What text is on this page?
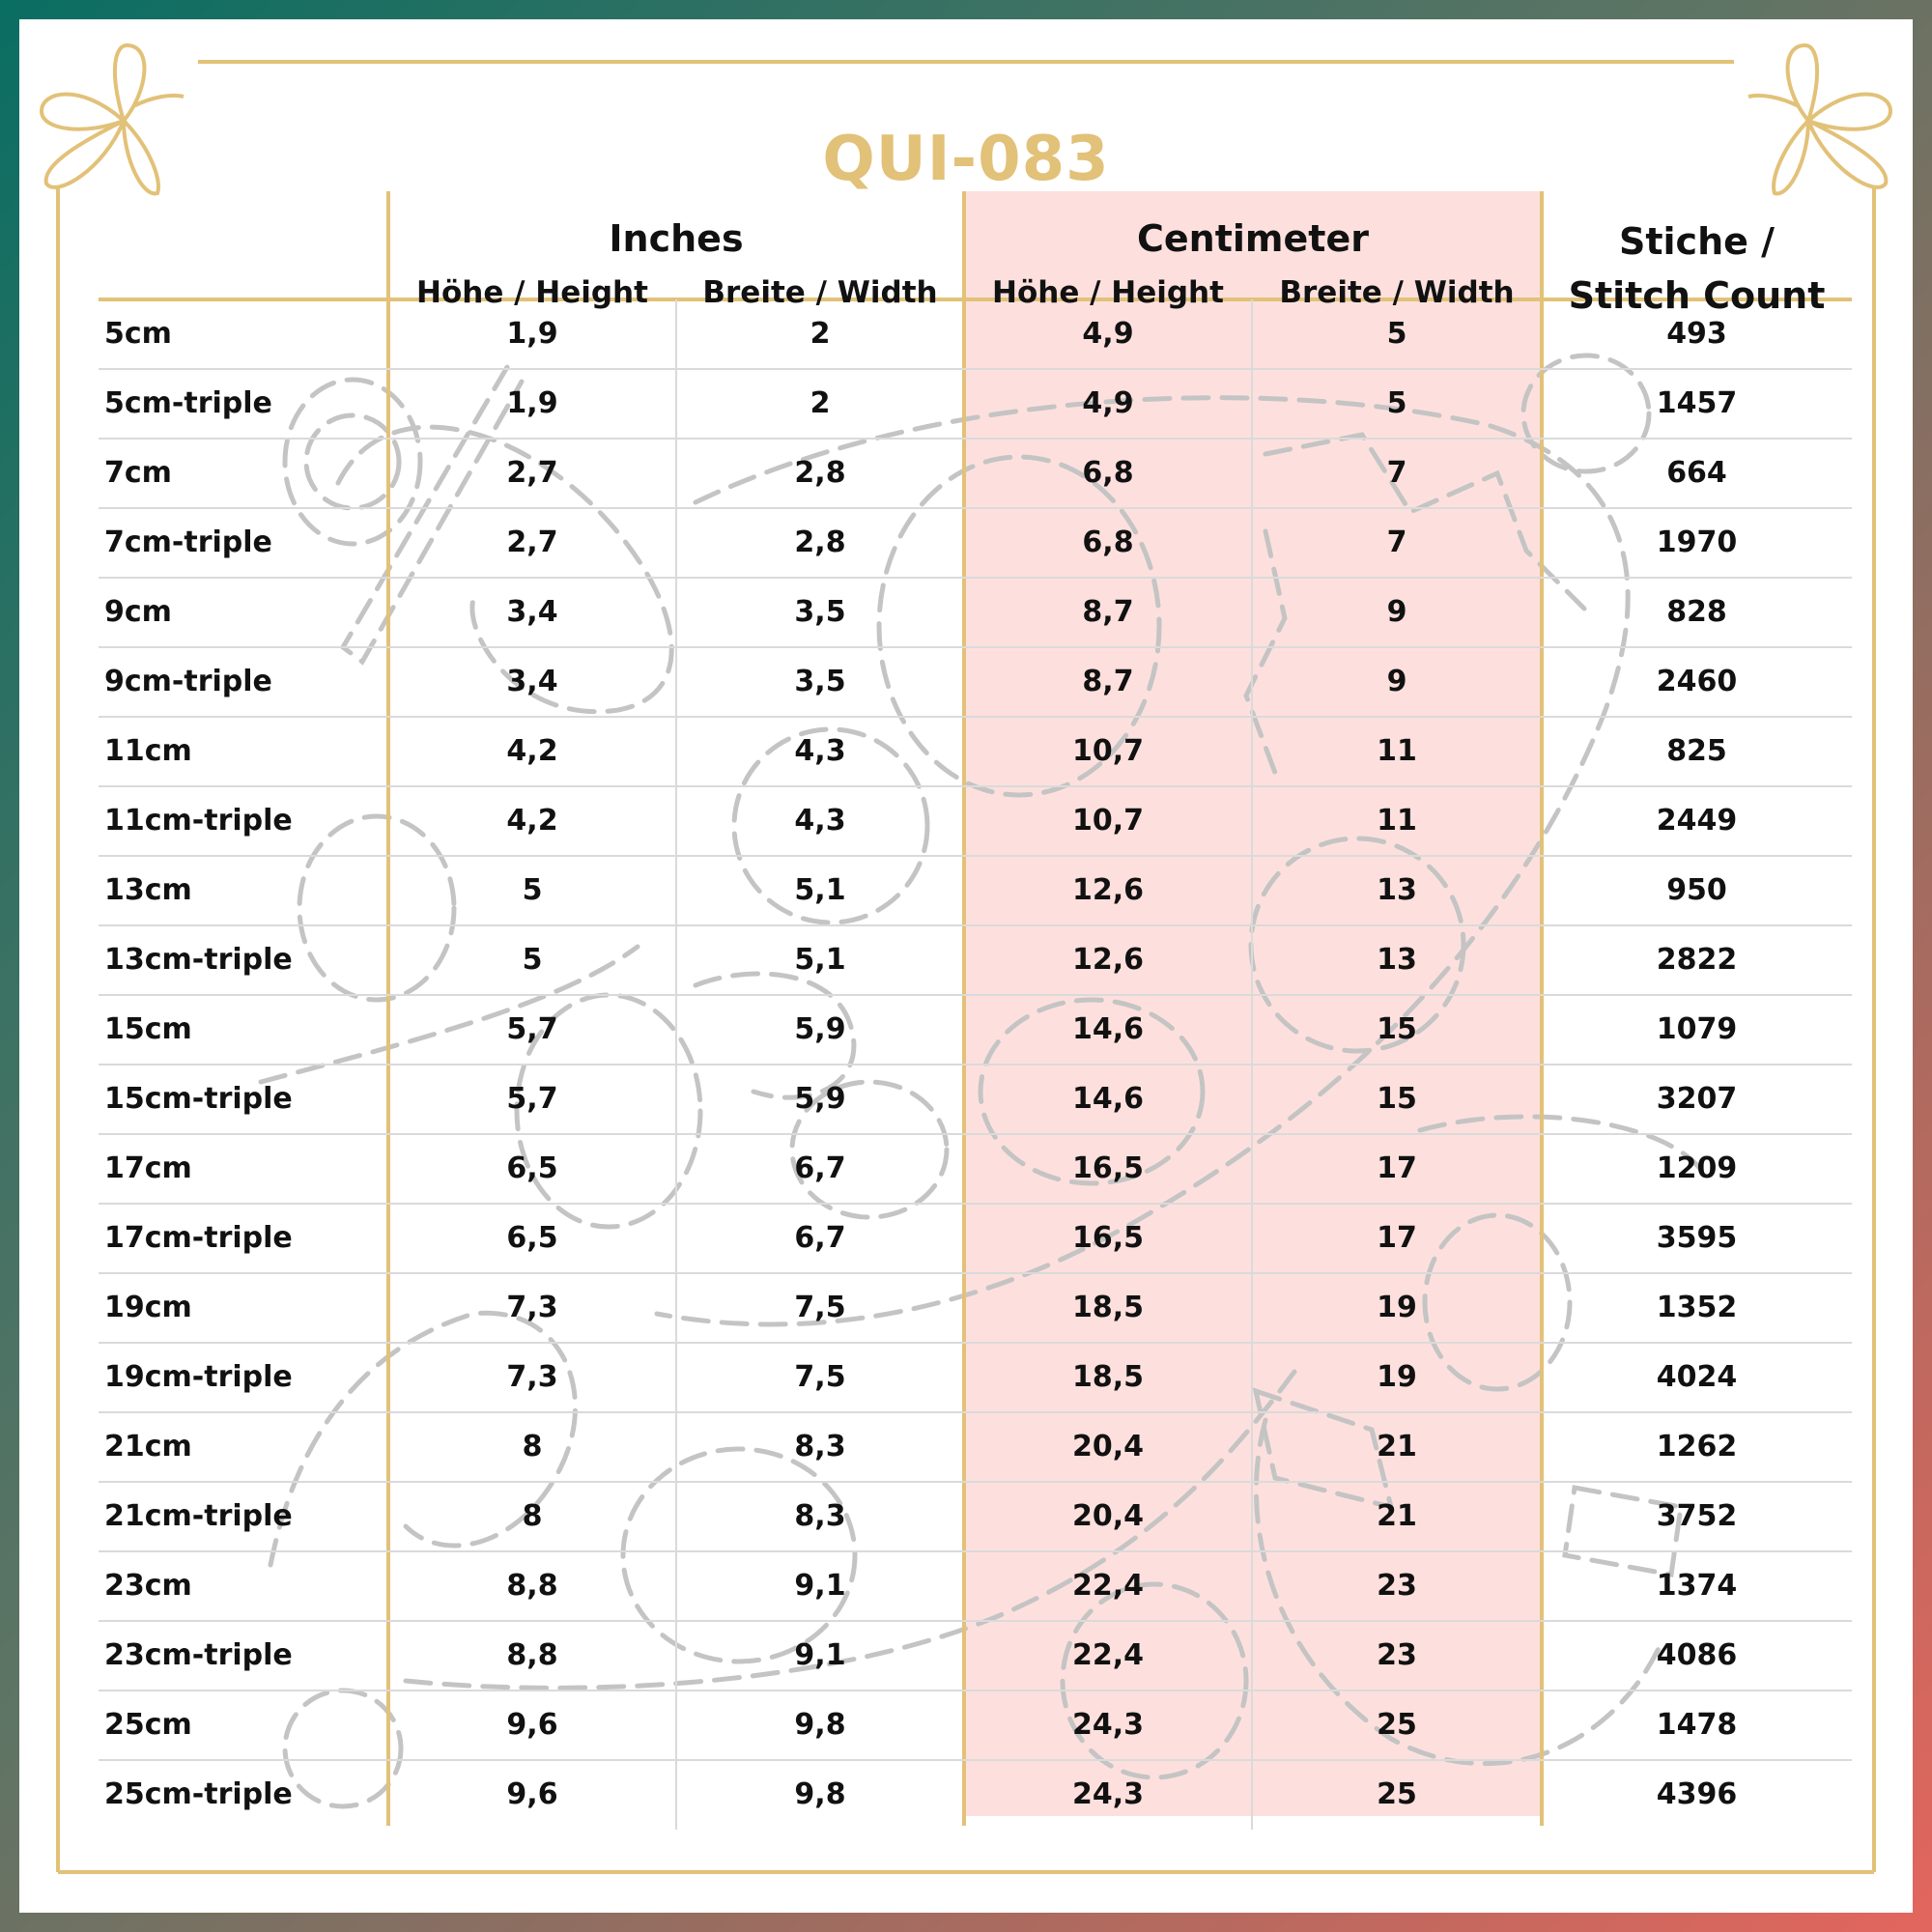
QUI-083
Inches	Centimeter
Höhe / Height	Breite / Width	Höhe / Height	Breite / Width
Stiche /
Stitch Count
5cm	1,9	2	4,9	5	493
5cm-triple	1,9	2	4,9	5	1457
7cm	2,7	2,8	6,8	7	664
7cm-triple	2,7	2,8	6,8	7	1970
9cm	3,4	3,5	8,7	9	828
9cm-triple	3,4	3,5	8,7	9	2460
11cm	4,2	4,3	10,7	11	825
11cm-triple	4,2	4,3	10,7	11	2449
13cm	5	5,1	12,6	13	950
13cm-triple	5	5,1	12,6	13	2822
15cm	5,7	5,9	14,6	15	1079
15cm-triple	5,7	5,9	14,6	15	3207
17cm	6,5	6,7	16,5	17	1209
17cm-triple	6,5	6,7	16,5	17	3595
19cm	7,3	7,5	18,5	19	1352
19cm-triple	7,3	7,5	18,5	19	4024
21cm	8	8,3	20,4	21	1262
21cm-triple	8	8,3	20,4	21	3752
23cm	8,8	9,1	22,4	23	1374
23cm-triple	8,8	9,1	22,4	23	4086
25cm	9,6	9,8	24,3	25	1478
25cm-triple	9,6	9,8	24,3	25	4396
